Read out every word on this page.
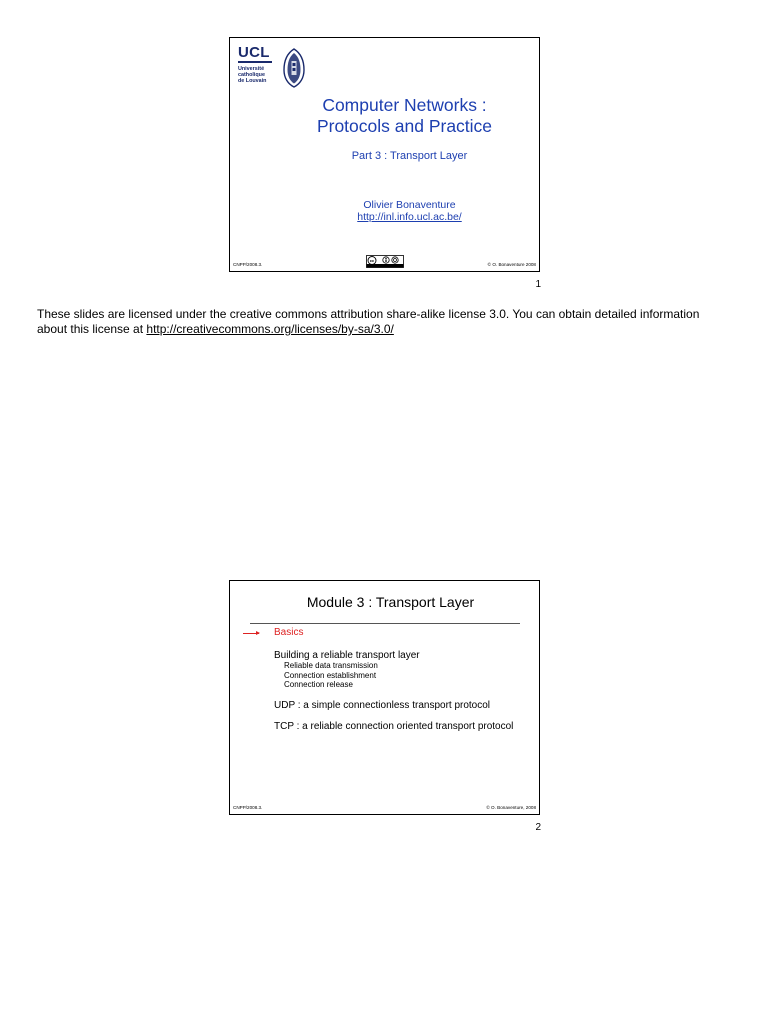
UCL
Université
catholique
de Louvain
Computer Networks :
Protocols and Practice
Part 3 : Transport Layer
Olivier Bonaventure
http://inl.info.ucl.ac.be/
CNPP/2008.3.
cc
© O. Bonaventure 2008
1
These slides are licensed under the creative commons attribution share-alike license 3.0. You can obtain detailed information
about this license at http://creativecommons.org/licenses/by-sa/3.0/
Module 3 : Transport Layer
Basics
Building a reliable transport layer
Reliable data transmission
Connection establishment
Connection release
UDP : a simple connectionless transport protocol
TCP : a reliable connection oriented transport protocol
CNPP/2008.3.	© O. Bonaventure, 2008
2
